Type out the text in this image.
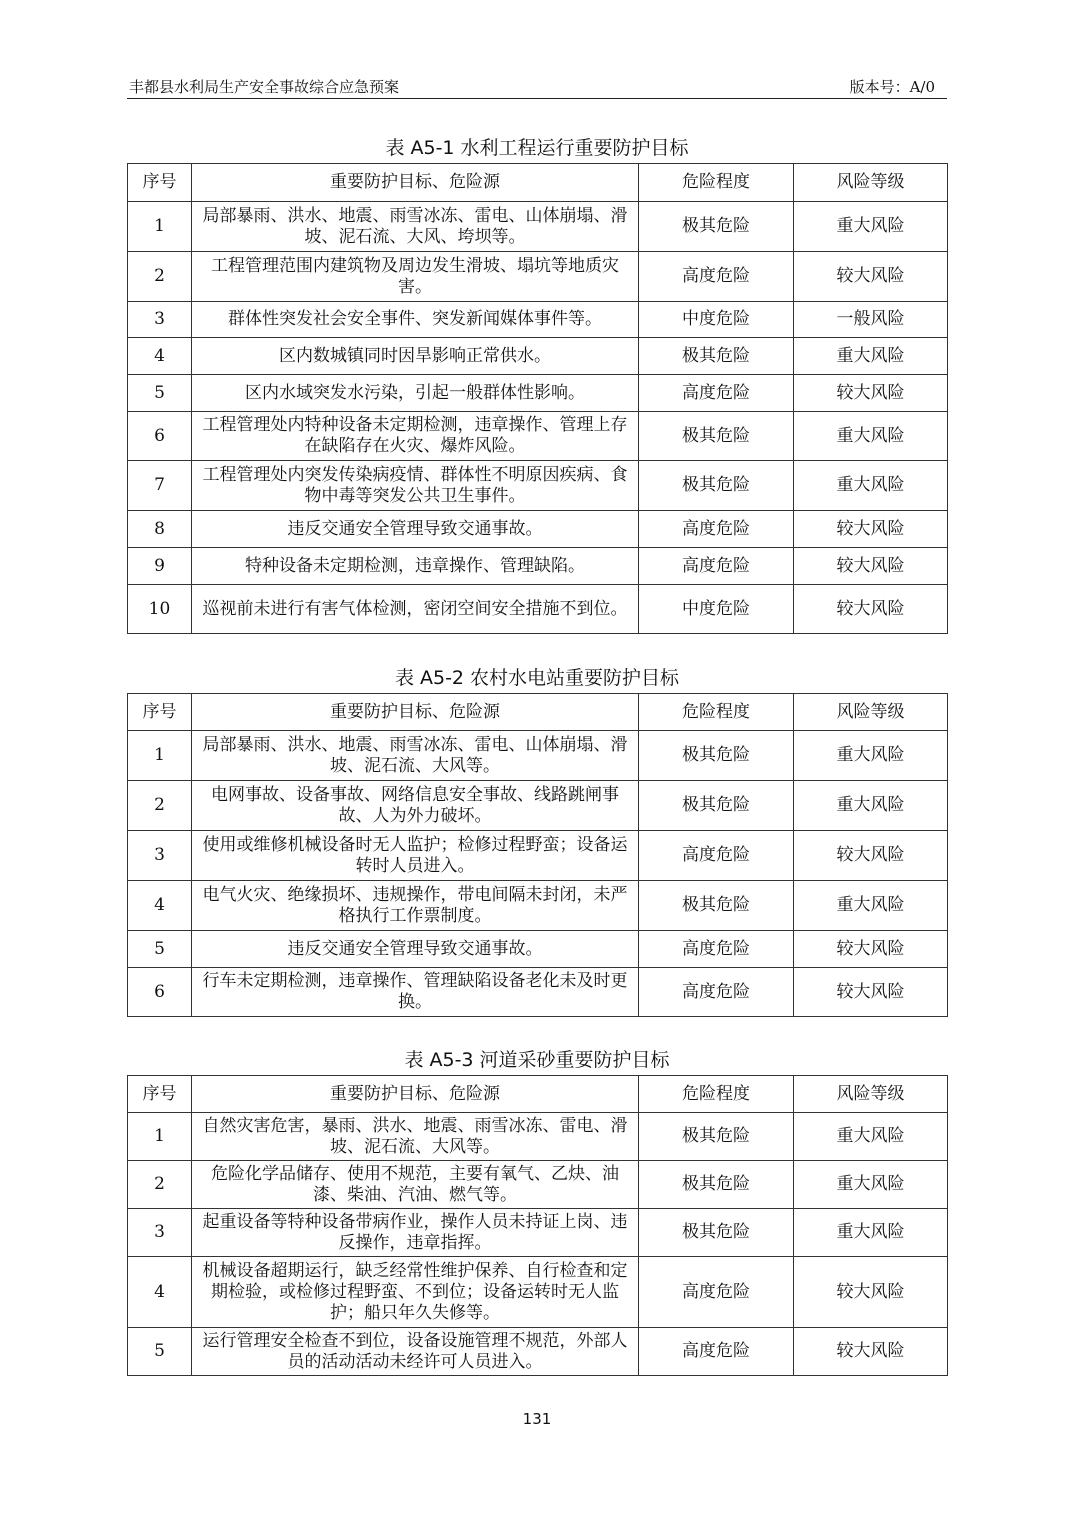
丰都县水利局生产安全事故综合应急预案	版本号：A/0
表 A5-1 水利工程运行重要防护目标
序号	重要防护目标、危险源	危险程度	风险等级
1	局部暴雨、洪水、地震、雨雪冰冻、雷电、山体崩塌、滑坡、泥石流、大风、垮坝等。	极其危险	重大风险
2	工程管理范围内建筑物及周边发生滑坡、塌坑等地质灾害。	高度危险	较大风险
3	群体性突发社会安全事件、突发新闻媒体事件等。	中度危险	一般风险
4	区内数城镇同时因旱影响正常供水。	极其危险	重大风险
5	区内水域突发水污染，引起一般群体性影响。	高度危险	较大风险
6	工程管理处内特种设备未定期检测，违章操作、管理上存在缺陷存在火灾、爆炸风险。	极其危险	重大风险
7	工程管理处内突发传染病疫情、群体性不明原因疾病、食物中毒等突发公共卫生事件。	极其危险	重大风险
8	违反交通安全管理导致交通事故。	高度危险	较大风险
9	特种设备未定期检测，违章操作、管理缺陷。	高度危险	较大风险
10	巡视前未进行有害气体检测，密闭空间安全措施不到位。	中度危险	较大风险
表 A5-2 农村水电站重要防护目标
序号	重要防护目标、危险源	危险程度	风险等级
1	局部暴雨、洪水、地震、雨雪冰冻、雷电、山体崩塌、滑坡、泥石流、大风等。	极其危险	重大风险
2	电网事故、设备事故、网络信息安全事故、线路跳闸事故、人为外力破坏。	极其危险	重大风险
3	使用或维修机械设备时无人监护；检修过程野蛮；设备运转时人员进入。	高度危险	较大风险
4	电气火灾、绝缘损坏、违规操作，带电间隔未封闭，未严格执行工作票制度。	极其危险	重大风险
5	违反交通安全管理导致交通事故。	高度危险	较大风险
6	行车未定期检测，违章操作、管理缺陷设备老化未及时更换。	高度危险	较大风险
表 A5-3 河道采砂重要防护目标
序号	重要防护目标、危险源	危险程度	风险等级
1	自然灾害危害，暴雨、洪水、地震、雨雪冰冻、雷电、滑坡、泥石流、大风等。	极其危险	重大风险
2	危险化学品储存、使用不规范，主要有氧气、乙炔、油漆、柴油、汽油、燃气等。	极其危险	重大风险
3	起重设备等特种设备带病作业，操作人员未持证上岗、违反操作，违章指挥。	极其危险	重大风险
4	机械设备超期运行，缺乏经常性维护保养、自行检查和定期检验，或检修过程野蛮、不到位；设备运转时无人监护；船只年久失修等。	高度危险	较大风险
5	运行管理安全检查不到位，设备设施管理不规范，外部人员的活动活动未经许可人员进入。	高度危险	较大风险
131
